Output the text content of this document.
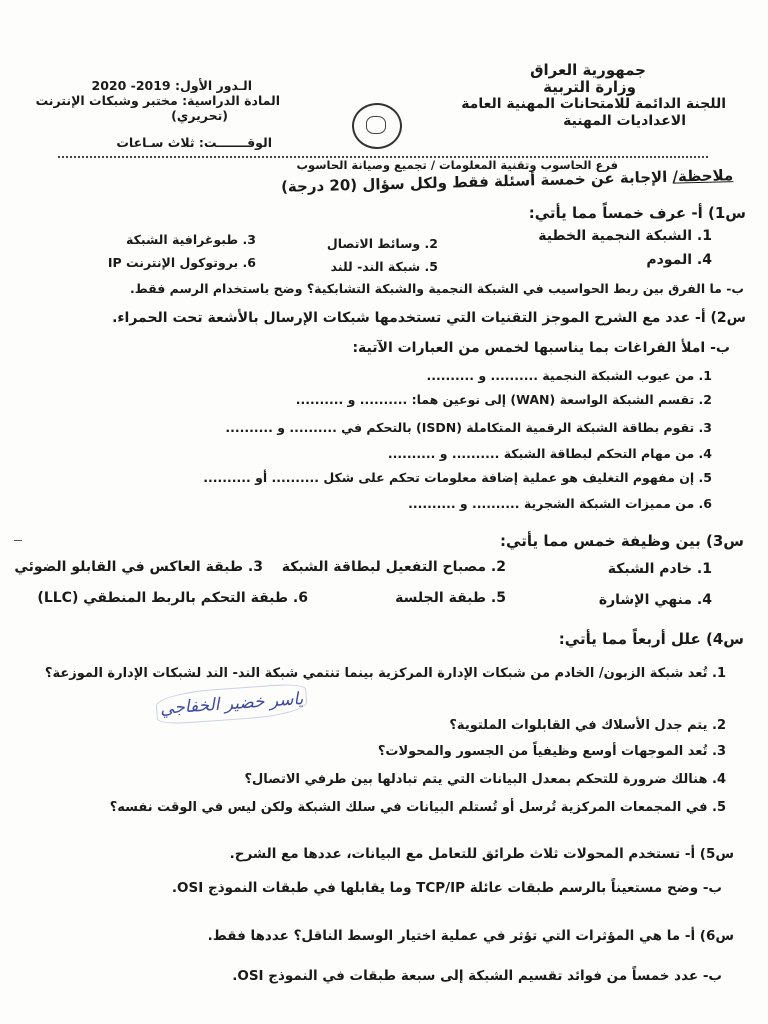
جمهورية العراق
وزارة التربية
اللجنة الدائمة للامتحانات المهنية العامة
الاعداديات المهنية
الـدور الأول: 2019- 2020
المادة الدراسية: مختبر وشبكات الإنترنت
(تحريري)
الوقـــــــت: ثلاث سـاعات
فرع الحاسوب وتقنية المعلومات / تجميع وصيانة الحاسوب
ملاحظة/ الإجابة عن خمسة أسئلة فقط ولكل سؤال (20 درجة)
س1) أ- عرف خمساً مما يأتي:
1. الشبكة النجمية الخطية
2. وسائط الاتصال
3. طبوغرافية الشبكة
4. المودم
5. شبكة الند- للند
6. بروتوكول الإنترنت IP
ب- ما الفرق بين ربط الحواسيب في الشبكة النجمية والشبكة التشابكية؟ وضح باستخدام الرسم فقط.
س2) أ- عدد مع الشرح الموجز التقنيات التي تستخدمها شبكات الإرسال بالأشعة تحت الحمراء.
ب- املأ الفراغات بما يناسبها لخمس من العبارات الآتية:
1. من عيوب الشبكة النجمية .......... و ..........
2. تقسم الشبكة الواسعة (WAN) إلى نوعين هما: .......... و ..........
3. تقوم بطاقة الشبكة الرقمية المتكاملة (ISDN) بالتحكم في .......... و ..........
4. من مهام التحكم لبطاقة الشبكة .......... و ..........
5. إن مفهوم التغليف هو عملية إضافة معلومات تحكم على شكل .......... أو ..........
6. من مميزات الشبكة الشجرية .......... و ..........
س3) بين وظيفة خمس مما يأتي:
1. خادم الشبكة
2. مصباح التفعيل لبطاقة الشبكة
3. طبقة العاكس في القابلو الضوئي
4. منهي الإشارة
5. طبقة الجلسة
6. طبقة التحكم بالربط المنطقي (LLC)
س4) علل أربعاً مما يأتي:
1. تُعد شبكة الزبون/ الخادم من شبكات الإدارة المركزية بينما تنتمي شبكة الند- الند لشبكات الإدارة الموزعة؟
2. يتم جدل الأسلاك في القابلوات الملتوية؟
3. تُعد الموجهات أوسع وظيفياً من الجسور والمحولات؟
4. هنالك ضرورة للتحكم بمعدل البيانات التي يتم تبادلها بين طرفي الاتصال؟
5. في المجمعات المركزية تُرسل أو تُستلم البيانات في سلك الشبكة ولكن ليس في الوقت نفسه؟
ياسر خضير الخفاجي
س5) أ- تستخدم المحولات ثلاث طرائق للتعامل مع البيانات، عددها مع الشرح.
ب- وضح مستعيناً بالرسم طبقات عائلة TCP/IP وما يقابلها في طبقات النموذج OSI.
س6) أ- ما هي المؤثرات التي تؤثر في عملية اختيار الوسط الناقل؟ عددها فقط.
ب- عدد خمساً من فوائد تقسيم الشبكة إلى سبعة طبقات في النموذج OSI.
